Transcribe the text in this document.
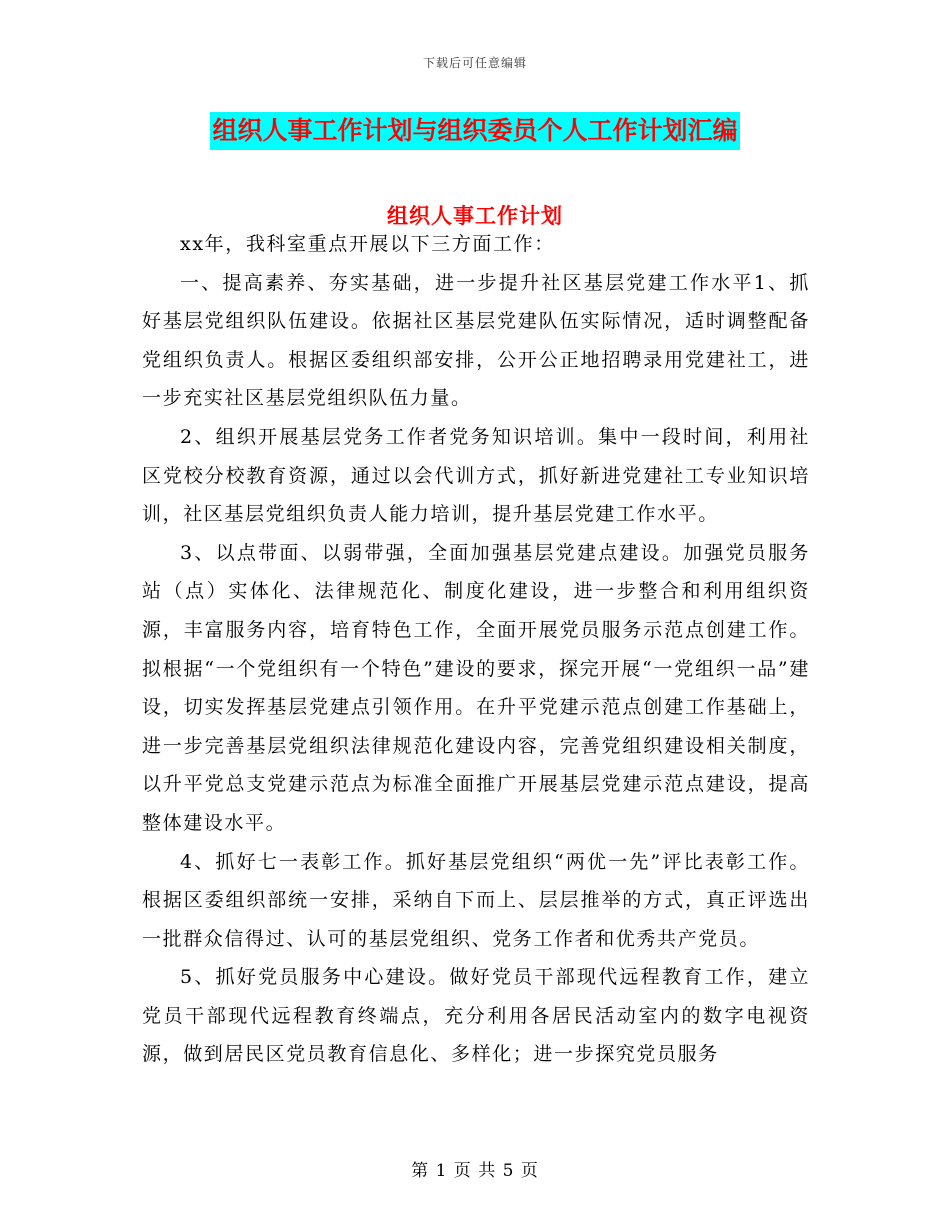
下载后可任意编辑
组织人事工作计划与组织委员个人工作计划汇编
组织人事工作计划

xx年，我科室重点开展以下三方面工作：

一、提高素养、夯实基础，进一步提升社区基层党建工作水平1、抓好基层党组织队伍建设。依据社区基层党建队伍实际情况，适时调整配备党组织负责人。根据区委组织部安排，公开公正地招聘录用党建社工，进一步充实社区基层党组织队伍力量。

2、组织开展基层党务工作者党务知识培训。集中一段时间，利用社区党校分校教育资源，通过以会代训方式，抓好新进党建社工专业知识培训，社区基层党组织负责人能力培训，提升基层党建工作水平。

3、以点带面、以弱带强，全面加强基层党建点建设。加强党员服务站（点）实体化、法律规范化、制度化建设，进一步整合和利用组织资源，丰富服务内容，培育特色工作，全面开展党员服务示范点创建工作。拟根据“一个党组织有一个特色”建设的要求，探完开展“一党组织一品”建设，切实发挥基层党建点引领作用。在升平党建示范点创建工作基础上，进一步完善基层党组织法律规范化建设内容，完善党组织建设相关制度，以升平党总支党建示范点为标准全面推广开展基层党建示范点建设，提高整体建设水平。

4、抓好七一表彰工作。抓好基层党组织“两优一先”评比表彰工作。根据区委组织部统一安排，采纳自下而上、层层推举的方式，真正评选出一批群众信得过、认可的基层党组织、党务工作者和优秀共产党员。

5、抓好党员服务中心建设。做好党员干部现代远程教育工作，建立党员干部现代远程教育终端点，充分利用各居民活动室内的数字电视资源，做到居民区党员教育信息化、多样化；进一步探究党员服务

第 1 页 共 5 页
